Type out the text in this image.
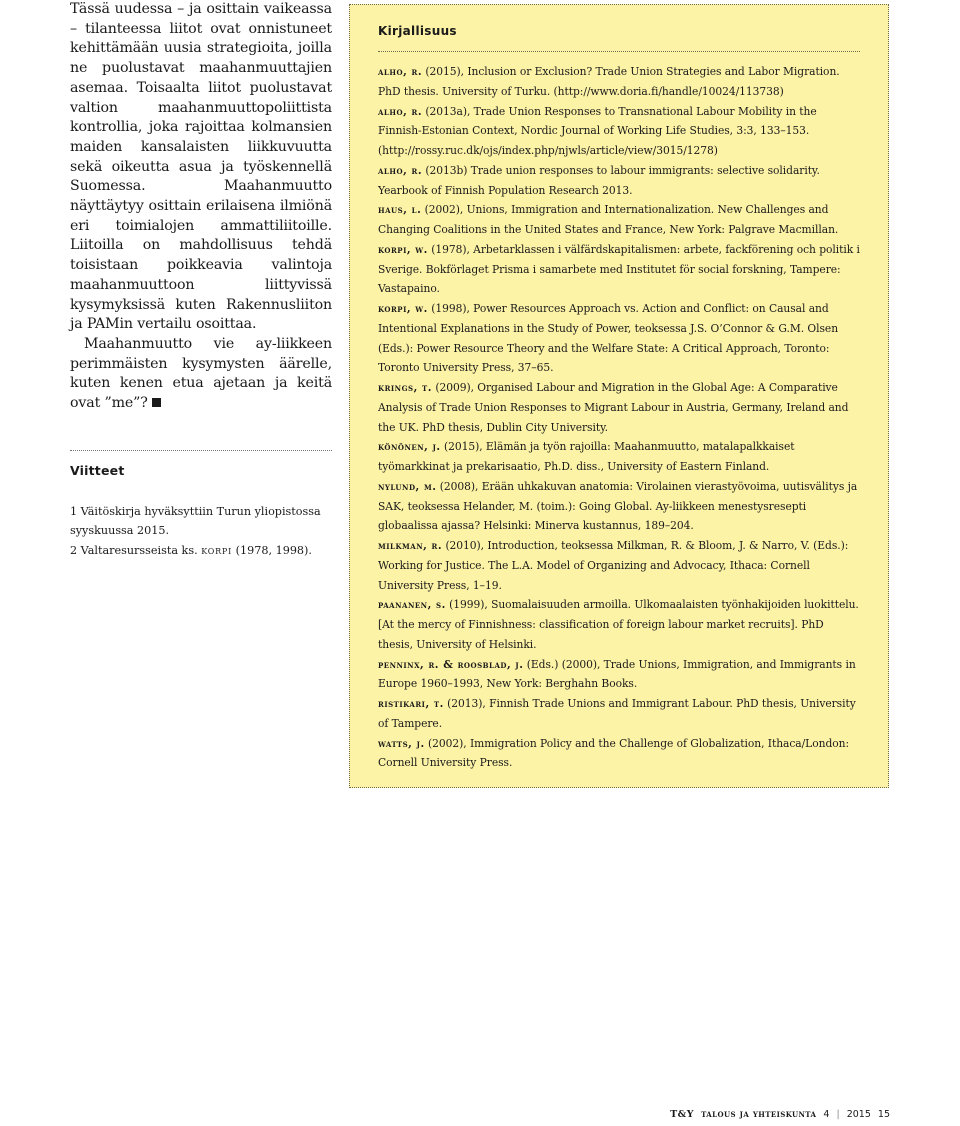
Tässä uudessa – ja osittain vaikeassa – tilanteessa liitot ovat onnistuneet kehittämään uusia strategioita, joilla ne puolustavat maahanmuuttajien asemaa. Toisaalta liitot puolustavat valtion maahanmuuttopoliittista kontrollia, joka rajoittaa kolmansien maiden kansalaisten liikkuvuutta sekä oikeutta asua ja työskennellä Suomessa. Maahanmuutto näyttäytyy osittain erilaisena ilmiönä eri toimialojen ammattiliitoille. Liitoilla on mahdollisuus tehdä toisistaan poikkeavia valintoja maahanmuuttoon liittyvissä kysymyksissä kuten Rakennusliiton ja PAMin vertailu osoittaa.

Maahanmuutto vie ay-liikkeen perimmäisten kysymysten äärelle, kuten kenen etua ajetaan ja keitä ovat ”me”?

Viitteet

1 Väitöskirja hyväksyttiin Turun yliopistossa syyskuussa 2015.

2 Valtaresursseista ks. korpi (1978, 1998).

Kirjallisuus

alho, r. (2015), Inclusion or Exclusion? Trade Union Strategies and Labor Migration. PhD thesis. University of Turku. (http://www.doria.fi/handle/10024/113738)

alho, r. (2013a), Trade Union Responses to Transnational Labour Mobility in the Finnish-Estonian Context, Nordic Journal of Working Life Studies, 3:3, 133–153. (http://rossy.ruc.dk/ojs/index.php/njwls/article/view/3015/1278)

alho, r. (2013b) Trade union responses to labour immigrants: selective solidarity. Yearbook of Finnish Population Research 2013.

haus, l. (2002), Unions, Immigration and Internationalization. New Challenges and Changing Coalitions in the United States and France, New York: Palgrave Macmillan.

korpi, w. (1978), Arbetarklassen i välfärdskapitalismen: arbete, fackförening och politik i Sverige. Bokförlaget Prisma i samarbete med Institutet för social forskning, Tampere: Vastapaino.

korpi, w. (1998), Power Resources Approach vs. Action and Conflict: on Causal and Intentional Explanations in the Study of Power, teoksessa J.S. O’Connor & G.M. Olsen (Eds.): Power Resource Theory and the Welfare State: A Critical Approach, Toronto: Toronto University Press, 37–65.

krings, t. (2009), Organised Labour and Migration in the Global Age: A Comparative Analysis of Trade Union Responses to Migrant Labour in Austria, Germany, Ireland and the UK. PhD thesis, Dublin City University.

könönen, j. (2015), Elämän ja työn rajoilla: Maahanmuutto, matalapalkkaiset työmarkkinat ja prekarisaatio, Ph.D. diss., University of Eastern Finland.

nylund, m. (2008), Erään uhkakuvan anatomia: Virolainen vierastyövoima, uutisvälitys ja SAK, teoksessa Helander, M. (toim.): Going Global. Ay-liikkeen menestysresepti globaalissa ajassa? Helsinki: Minerva kustannus, 189–204.

milkman, r. (2010), Introduction, teoksessa Milkman, R. & Bloom, J. & Narro, V. (Eds.): Working for Justice. The L.A. Model of Organizing and Advocacy, Ithaca: Cornell University Press, 1–19.

paananen, s. (1999), Suomalaisuuden armoilla. Ulkomaalaisten työnhakijoiden luokittelu. [At the mercy of Finnishness: classification of foreign labour market recruits]. PhD thesis, University of Helsinki.

penninx, r. & roosblad, j. (Eds.) (2000), Trade Unions, Immigration, and Immigrants in Europe 1960–1993, New York: Berghahn Books.

ristikari, t. (2013), Finnish Trade Unions and Immigrant Labour. PhD thesis, University of Tampere.

watts, j. (2002), Immigration Policy and the Challenge of Globalization, Ithaca/London: Cornell University Press.

T&Y talous ja yhteiskunta 4 | 2015 15
